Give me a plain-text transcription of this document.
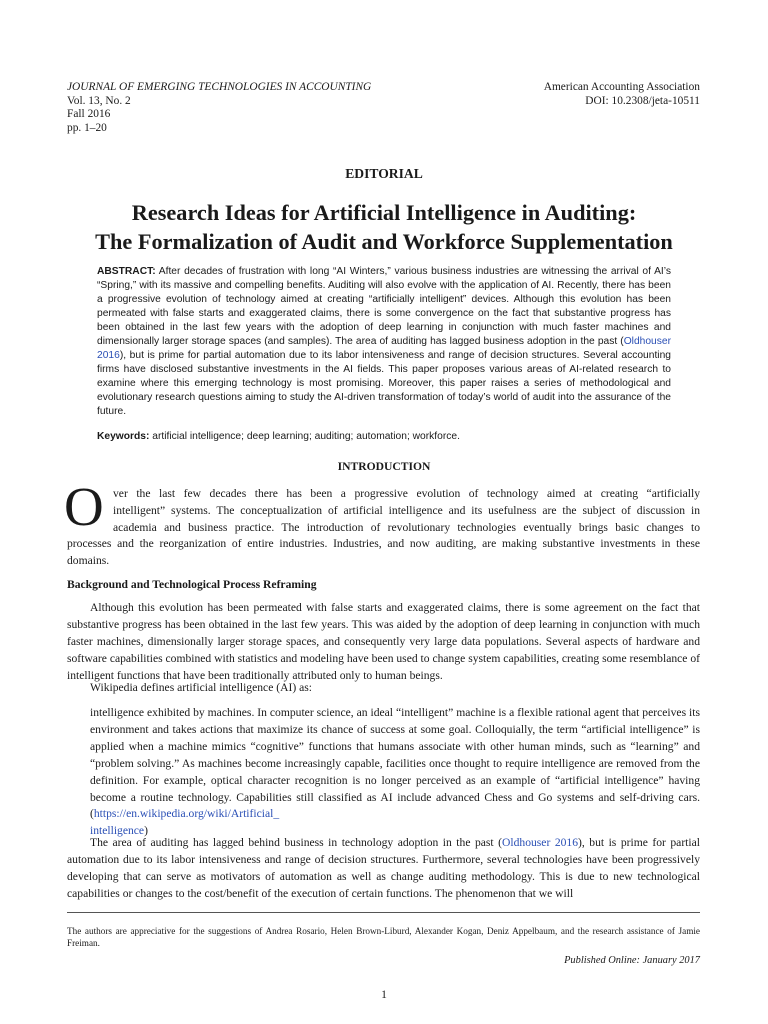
JOURNAL OF EMERGING TECHNOLOGIES IN ACCOUNTING
Vol. 13, No. 2
Fall 2016
pp. 1–20
American Accounting Association
DOI: 10.2308/jeta-10511
EDITORIAL
Research Ideas for Artificial Intelligence in Auditing:
The Formalization of Audit and Workforce Supplementation
ABSTRACT: After decades of frustration with long “AI Winters,” various business industries are witnessing the arrival of AI’s “Spring,” with its massive and compelling benefits. Auditing will also evolve with the application of AI. Recently, there has been a progressive evolution of technology aimed at creating “artificially intelligent” devices. Although this evolution has been permeated with false starts and exaggerated claims, there is some convergence on the fact that substantive progress has been obtained in the last few years with the adoption of deep learning in conjunction with much faster machines and dimensionally larger storage spaces (and samples). The area of auditing has lagged business adoption in the past (Oldhouser 2016), but is prime for partial automation due to its labor intensiveness and range of decision structures. Several accounting firms have disclosed substantive investments in the AI fields. This paper proposes various areas of AI-related research to examine where this emerging technology is most promising. Moreover, this paper raises a series of methodological and evolutionary research questions aiming to study the AI-driven transformation of today’s world of audit into the assurance of the future.
Keywords: artificial intelligence; deep learning; auditing; automation; workforce.
INTRODUCTION
O ver the last few decades there has been a progressive evolution of technology aimed at creating “artificially
intelligent” systems. The conceptualization of artificial intelligence and its usefulness are the subject of discussion in
academia and business practice. The introduction of revolutionary technologies eventually brings basic changes to
processes and the reorganization of entire industries. Industries, and now auditing, are making substantive investments in these domains.
Background and Technological Process Reframing
Although this evolution has been permeated with false starts and exaggerated claims, there is some agreement on the fact that substantive progress has been obtained in the last few years. This was aided by the adoption of deep learning in conjunction with much faster machines, dimensionally larger storage spaces, and consequently very large data populations. Several aspects of hardware and software capabilities combined with statistics and modeling have been used to change system capabilities, creating some resemblance of intelligent functions that have been traditionally attributed only to human beings.
Wikipedia defines artificial intelligence (AI) as:
intelligence exhibited by machines. In computer science, an ideal “intelligent” machine is a flexible rational agent that perceives its environment and takes actions that maximize its chance of success at some goal. Colloquially, the term “artificial intelligence” is applied when a machine mimics “cognitive” functions that humans associate with other human minds, such as “learning” and “problem solving.” As machines become increasingly capable, facilities once thought to require intelligence are removed from the definition. For example, optical character recognition is no longer perceived as an example of “artificial intelligence” having become a routine technology. Capabilities still classified as AI include advanced Chess and Go systems and self-driving cars. (https://en.wikipedia.org/wiki/Artificial_
intelligence)
The area of auditing has lagged behind business in technology adoption in the past (Oldhouser 2016), but is prime for partial automation due to its labor intensiveness and range of decision structures. Furthermore, several technologies have been progressively developing that can serve as motivators of automation as well as change auditing methodology. This is due to new technological capabilities or changes to the cost/benefit of the execution of certain functions. The phenomenon that we will
The authors are appreciative for the suggestions of Andrea Rosario, Helen Brown-Liburd, Alexander Kogan, Deniz Appelbaum, and the research assistance of Jamie Freiman.
Published Online: January 2017
1
